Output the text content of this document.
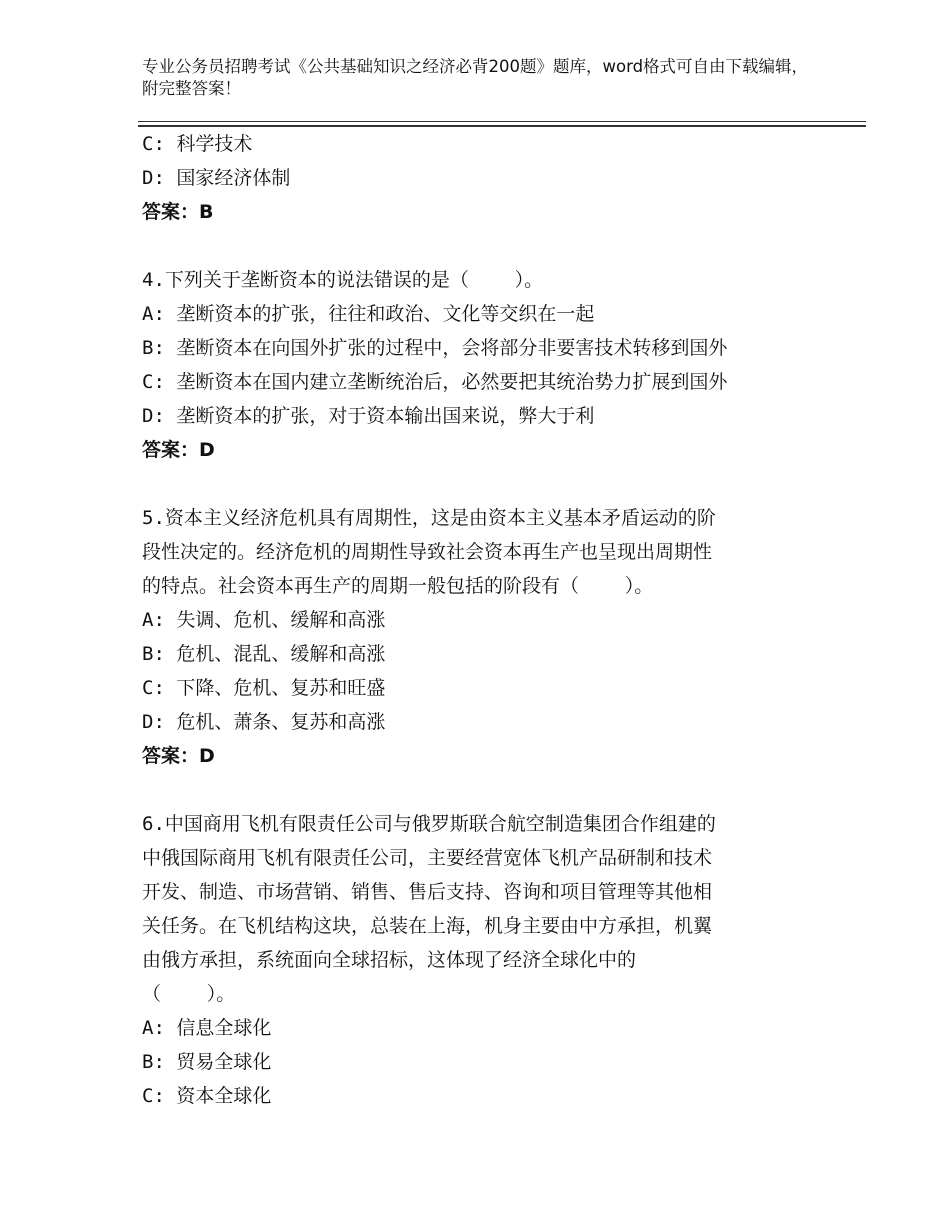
专业公务员招聘考试《公共基础知识之经济必背200题》题库，word格式可自由下载编辑，附完整答案！
C: 科学技术
D: 国家经济体制
答案：B
4.下列关于垄断资本的说法错误的是（    ）。
A: 垄断资本的扩张，往往和政治、文化等交织在一起
B: 垄断资本在向国外扩张的过程中，会将部分非要害技术转移到国外
C: 垄断资本在国内建立垄断统治后，必然要把其统治势力扩展到国外
D: 垄断资本的扩张，对于资本输出国来说，弊大于利
答案：D
5.资本主义经济危机具有周期性，这是由资本主义基本矛盾运动的阶
段性决定的。经济危机的周期性导致社会资本再生产也呈现出周期性
的特点。社会资本再生产的周期一般包括的阶段有（    ）。
A: 失调、危机、缓解和高涨
B: 危机、混乱、缓解和高涨
C: 下降、危机、复苏和旺盛
D: 危机、萧条、复苏和高涨
答案：D
6.中国商用飞机有限责任公司与俄罗斯联合航空制造集团合作组建的
中俄国际商用飞机有限责任公司，主要经营宽体飞机产品研制和技术
开发、制造、市场营销、销售、售后支持、咨询和项目管理等其他相
关任务。在飞机结构这块，总装在上海，机身主要由中方承担，机翼
由俄方承担，系统面向全球招标，这体现了经济全球化中的
（    ）。
A: 信息全球化
B: 贸易全球化
C: 资本全球化
